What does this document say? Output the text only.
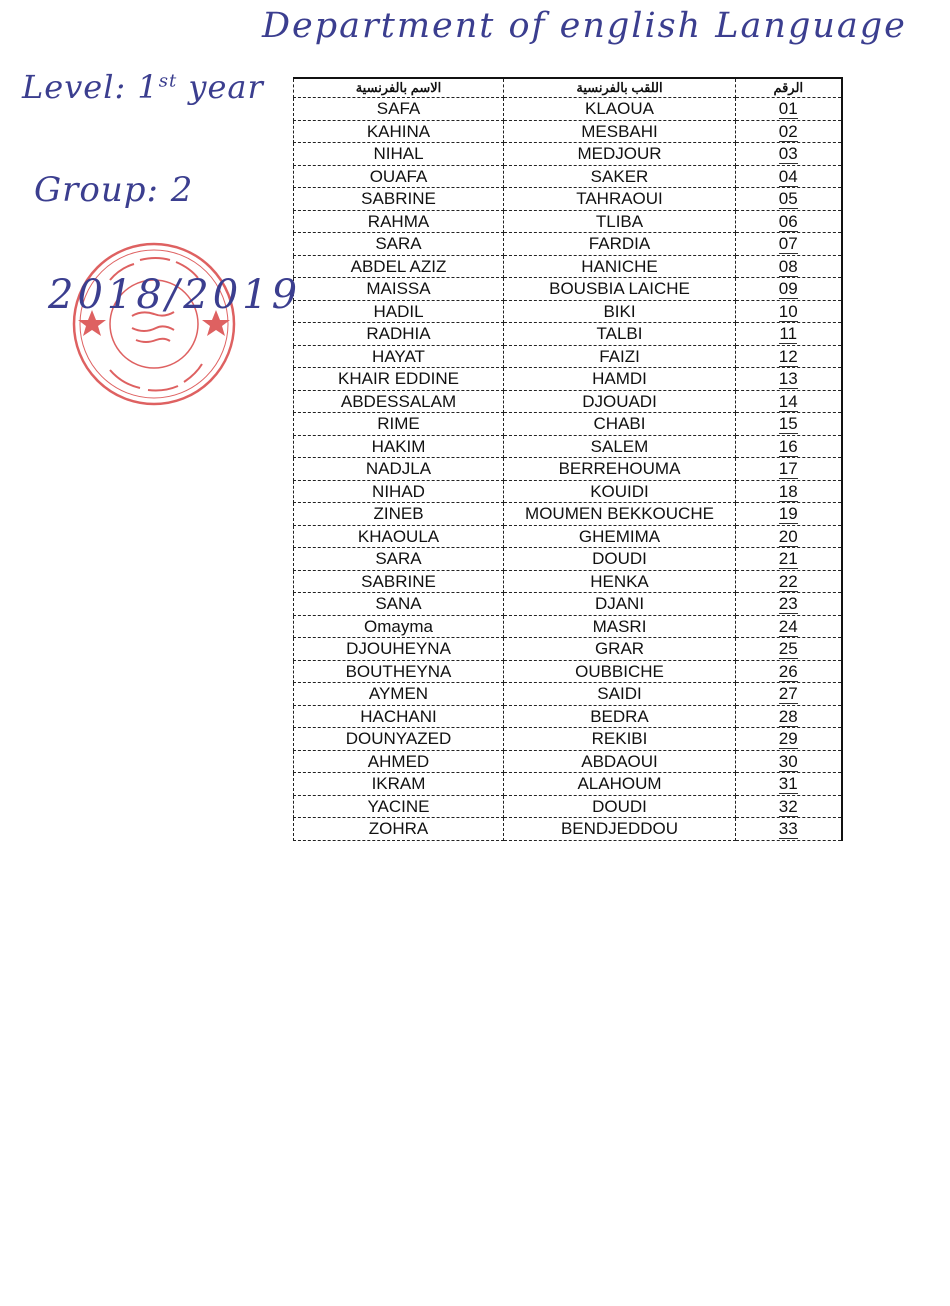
Department of english Language
Level: 1st year
Group: 2
2018/2019
الاسم بالفرنسية	اللقب بالفرنسية	الرقم
SAFA	KLAOUA	01
KAHINA	MESBAHI	02
NIHAL	MEDJOUR	03
OUAFA	SAKER	04
SABRINE	TAHRAOUI	05
RAHMA	TLIBA	06
SARA	FARDIA	07
ABDEL AZIZ	HANICHE	08
MAISSA	BOUSBIA LAICHE	09
HADIL	BIKI	10
RADHIA	TALBI	11
HAYAT	FAIZI	12
KHAIR EDDINE	HAMDI	13
ABDESSALAM	DJOUADI	14
RIME	CHABI	15
HAKIM	SALEM	16
NADJLA	BERREHOUMA	17
NIHAD	KOUIDI	18
ZINEB	MOUMEN BEKKOUCHE	19
KHAOULA	GHEMIMA	20
SARA	DOUDI	21
SABRINE	HENKA	22
SANA	DJANI	23
Omayma	MASRI	24
DJOUHEYNA	GRAR	25
BOUTHEYNA	OUBBICHE	26
AYMEN	SAIDI	27
HACHANI	BEDRA	28
DOUNYAZED	REKIBI	29
AHMED	ABDAOUI	30
IKRAM	ALAHOUM	31
YACINE	DOUDI	32
ZOHRA	BENDJEDDOU	33
